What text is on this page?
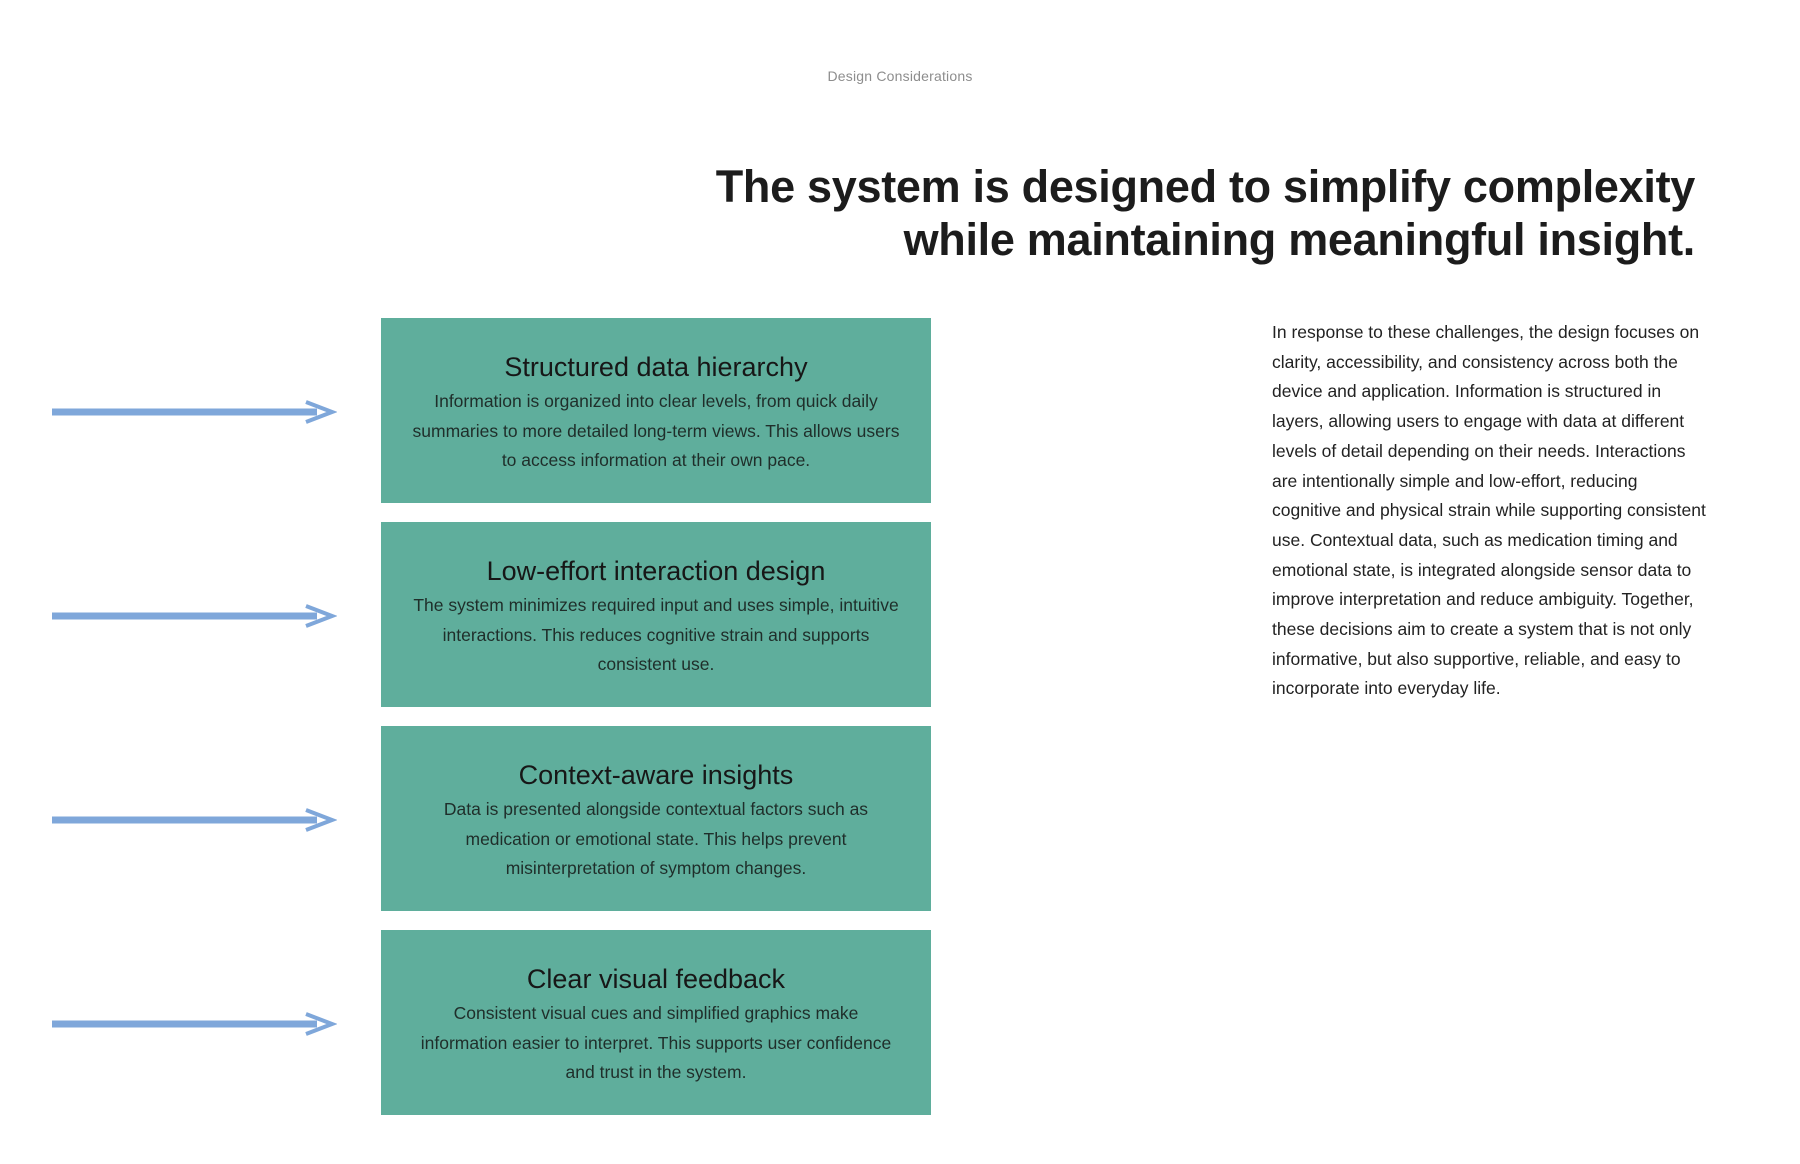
Design Considerations
The system is designed to simplify complexity
while maintaining meaningful insight.
Structured data hierarchy

Information is organized into clear levels, from quick daily summaries to more detailed long-term views. This allows users to access information at their own pace.

Low-effort interaction design

The system minimizes required input and uses simple, intuitive interactions. This reduces cognitive strain and supports consistent use.

Context-aware insights

Data is presented alongside contextual factors such as medication or emotional state. This helps prevent misinterpretation of symptom changes.

Clear visual feedback

Consistent visual cues and simplified graphics make information easier to interpret. This supports user confidence and trust in the system.

In response to these challenges, the design focuses on clarity, accessibility, and consistency across both the device and application. Information is structured in layers, allowing users to engage with data at different levels of detail depending on their needs. Interactions are intentionally simple and low-effort, reducing cognitive and physical strain while supporting consistent use. Contextual data, such as medication timing and emotional state, is integrated alongside sensor data to improve interpretation and reduce ambiguity. Together, these decisions aim to create a system that is not only informative, but also supportive, reliable, and easy to incorporate into everyday life.
